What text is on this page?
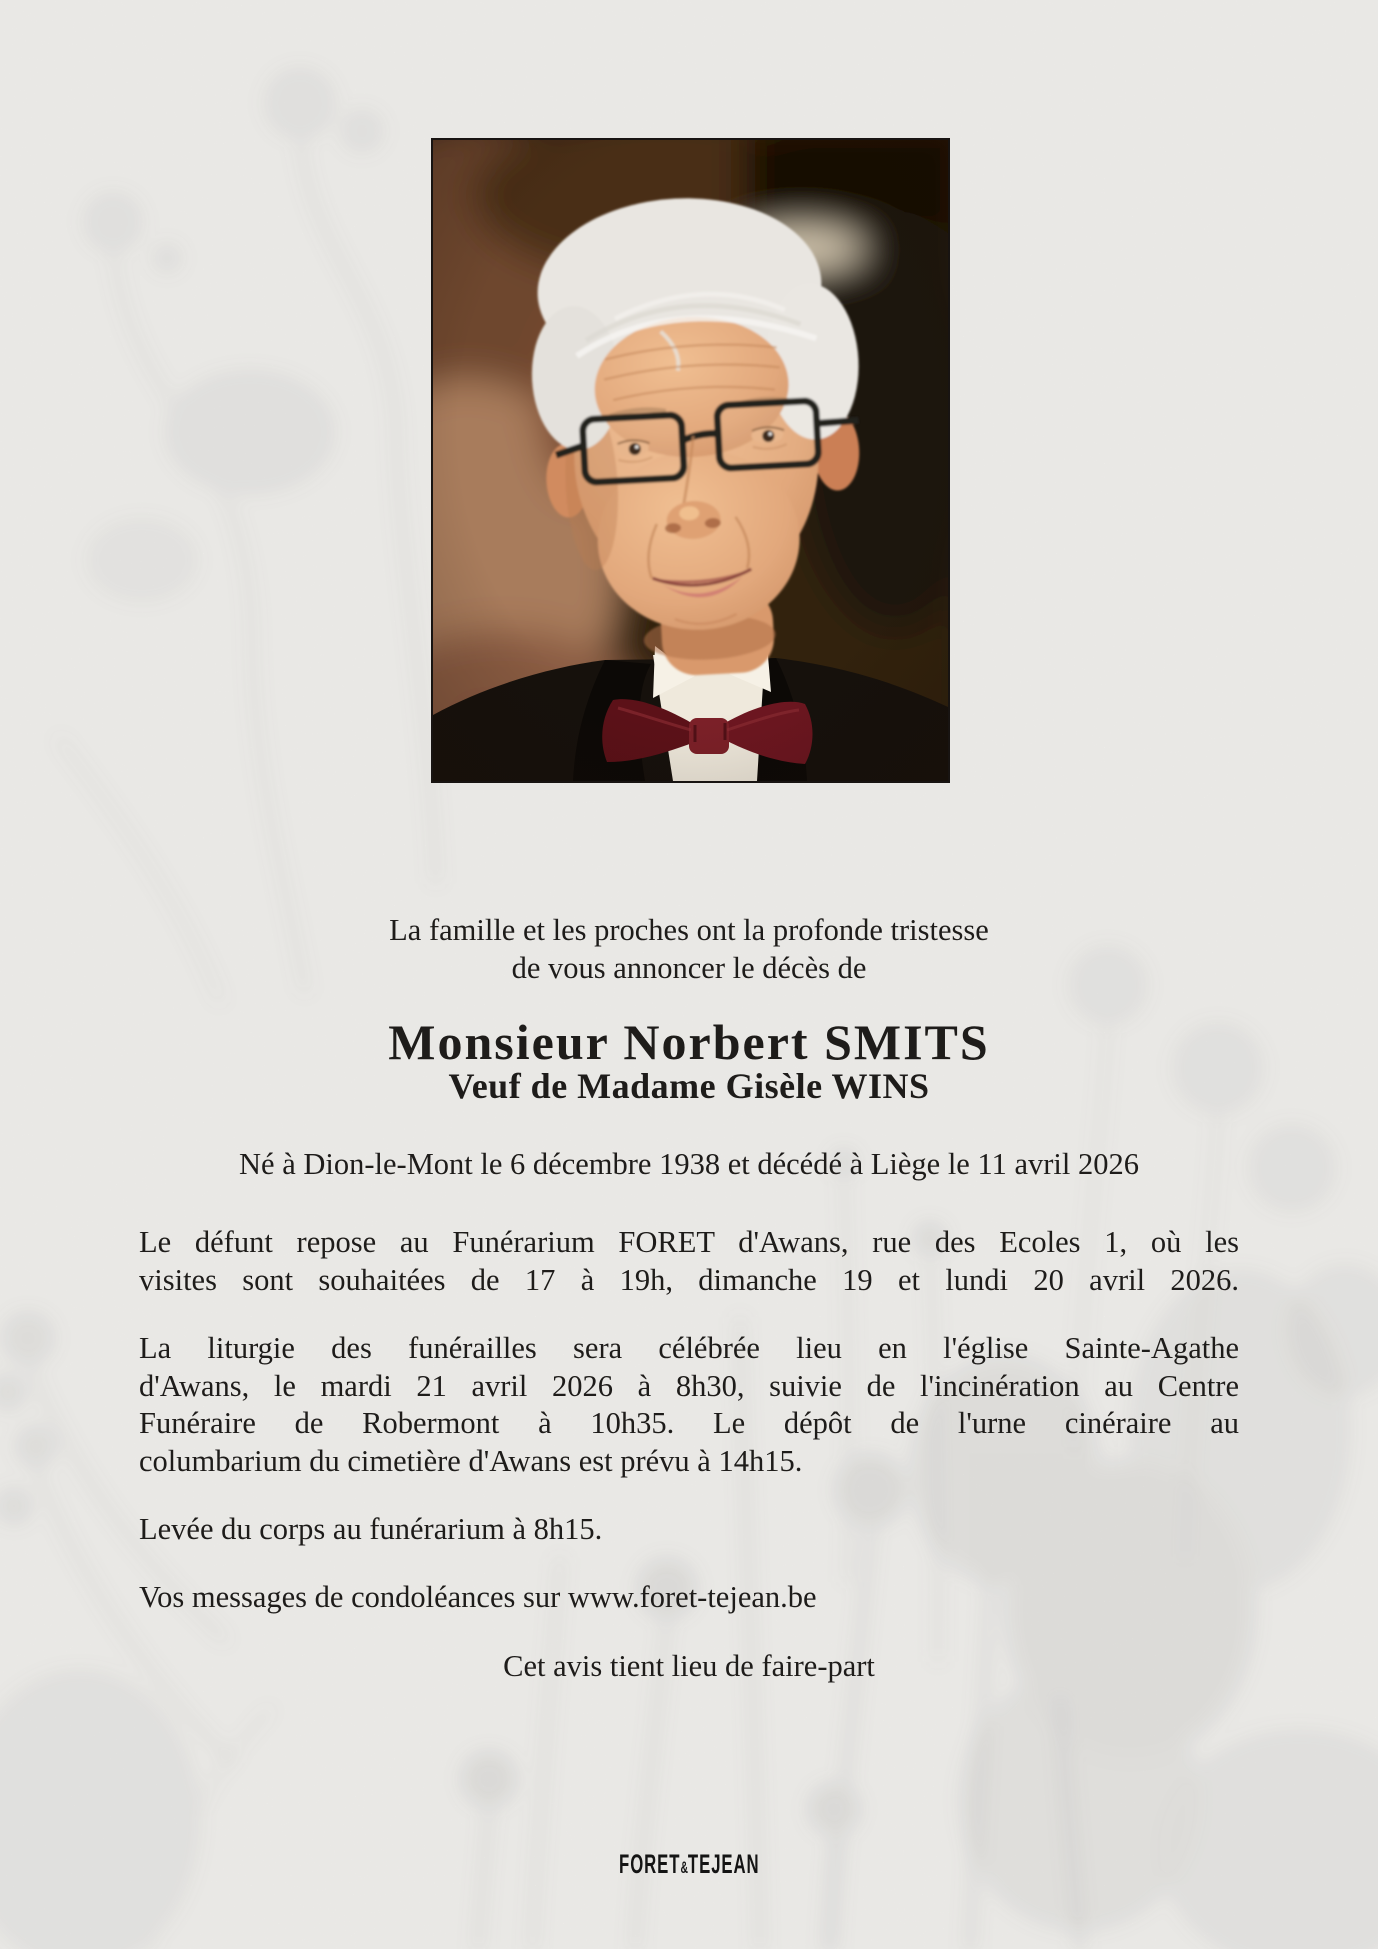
La famille et les proches ont la profonde tristesse
de vous annoncer le décès de
Monsieur Norbert SMITS
Veuf de Madame Gisèle WINS
Né à Dion-le-Mont le 6 décembre 1938 et décédé à Liège le 11 avril 2026
Le défunt repose au Funérarium FORET d'Awans, rue des Ecoles 1, où les
visites sont souhaitées de 17 à 19h, dimanche 19 et lundi 20 avril 2026.
La liturgie des funérailles sera célébrée lieu en l'église Sainte-Agathe
d'Awans, le mardi 21 avril 2026 à 8h30, suivie de l'incinération au Centre
Funéraire de Robermont à 10h35. Le dépôt de l'urne cinéraire au
columbarium du cimetière d'Awans est prévu à 14h15.
Levée du corps au funérarium à 8h15.
Vos messages de condoléances sur www.foret-tejean.be
Cet avis tient lieu de faire-part
FORET&TEJEAN
